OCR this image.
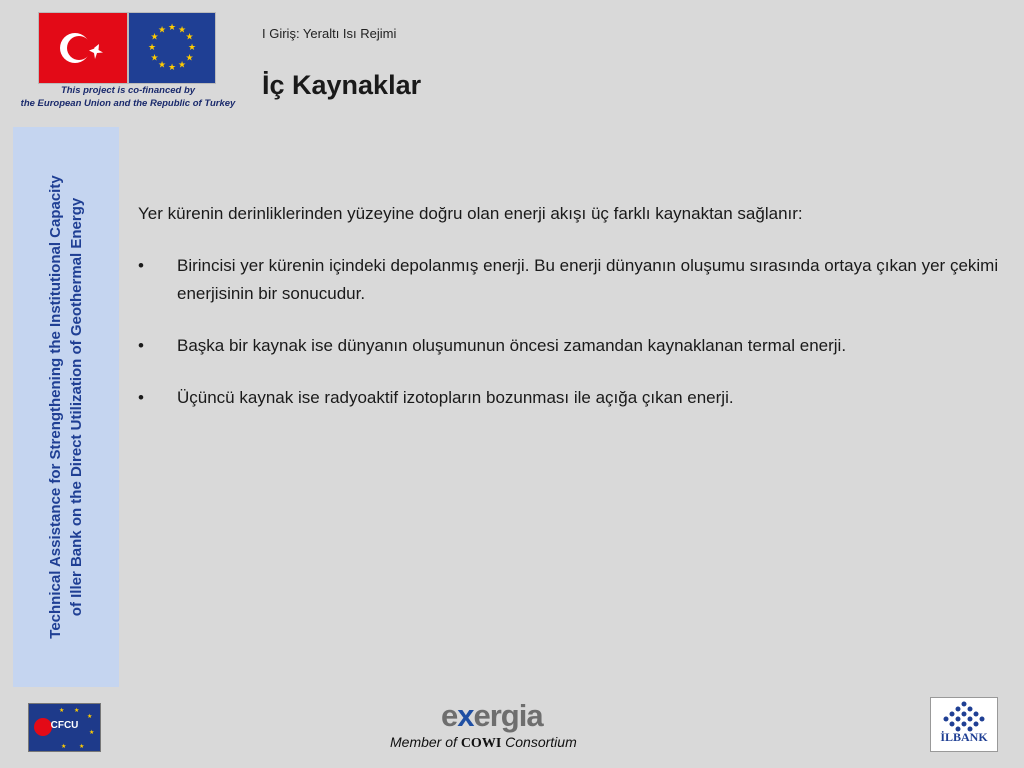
★ ★
★
★
★
★
★
★
★
★
★
★
This project is co-financed by
the European Union and the Republic of Turkey
I Giriş: Yeraltı Isı Rejimi
İç Kaynaklar
Technical Assistance for Strengthening the Institutional Capacity of Iller Bank on the Direct Utilization of Geothermal Energy	Yer kürenin derinliklerinden yüzeyine doğru olan enerji akışı üç farklı kaynaktan sağlanır:

• Birincisi yer kürenin içindeki depolanmış enerji. Bu enerji dünyanın oluşumu sırasında ortaya çıkan yer çekimi enerjisinin bir sonucudur.
• Başka bir kaynak ise dünyanın oluşumunun öncesi zamandan kaynaklanan termal enerji.
• Üçüncü kaynak ise radyoaktif izotopların bozunması ile açığa çıkan enerji.
★ ★
★
★
★
★
CFCU	exergia
Member of COWI Consortium	İLBANK
